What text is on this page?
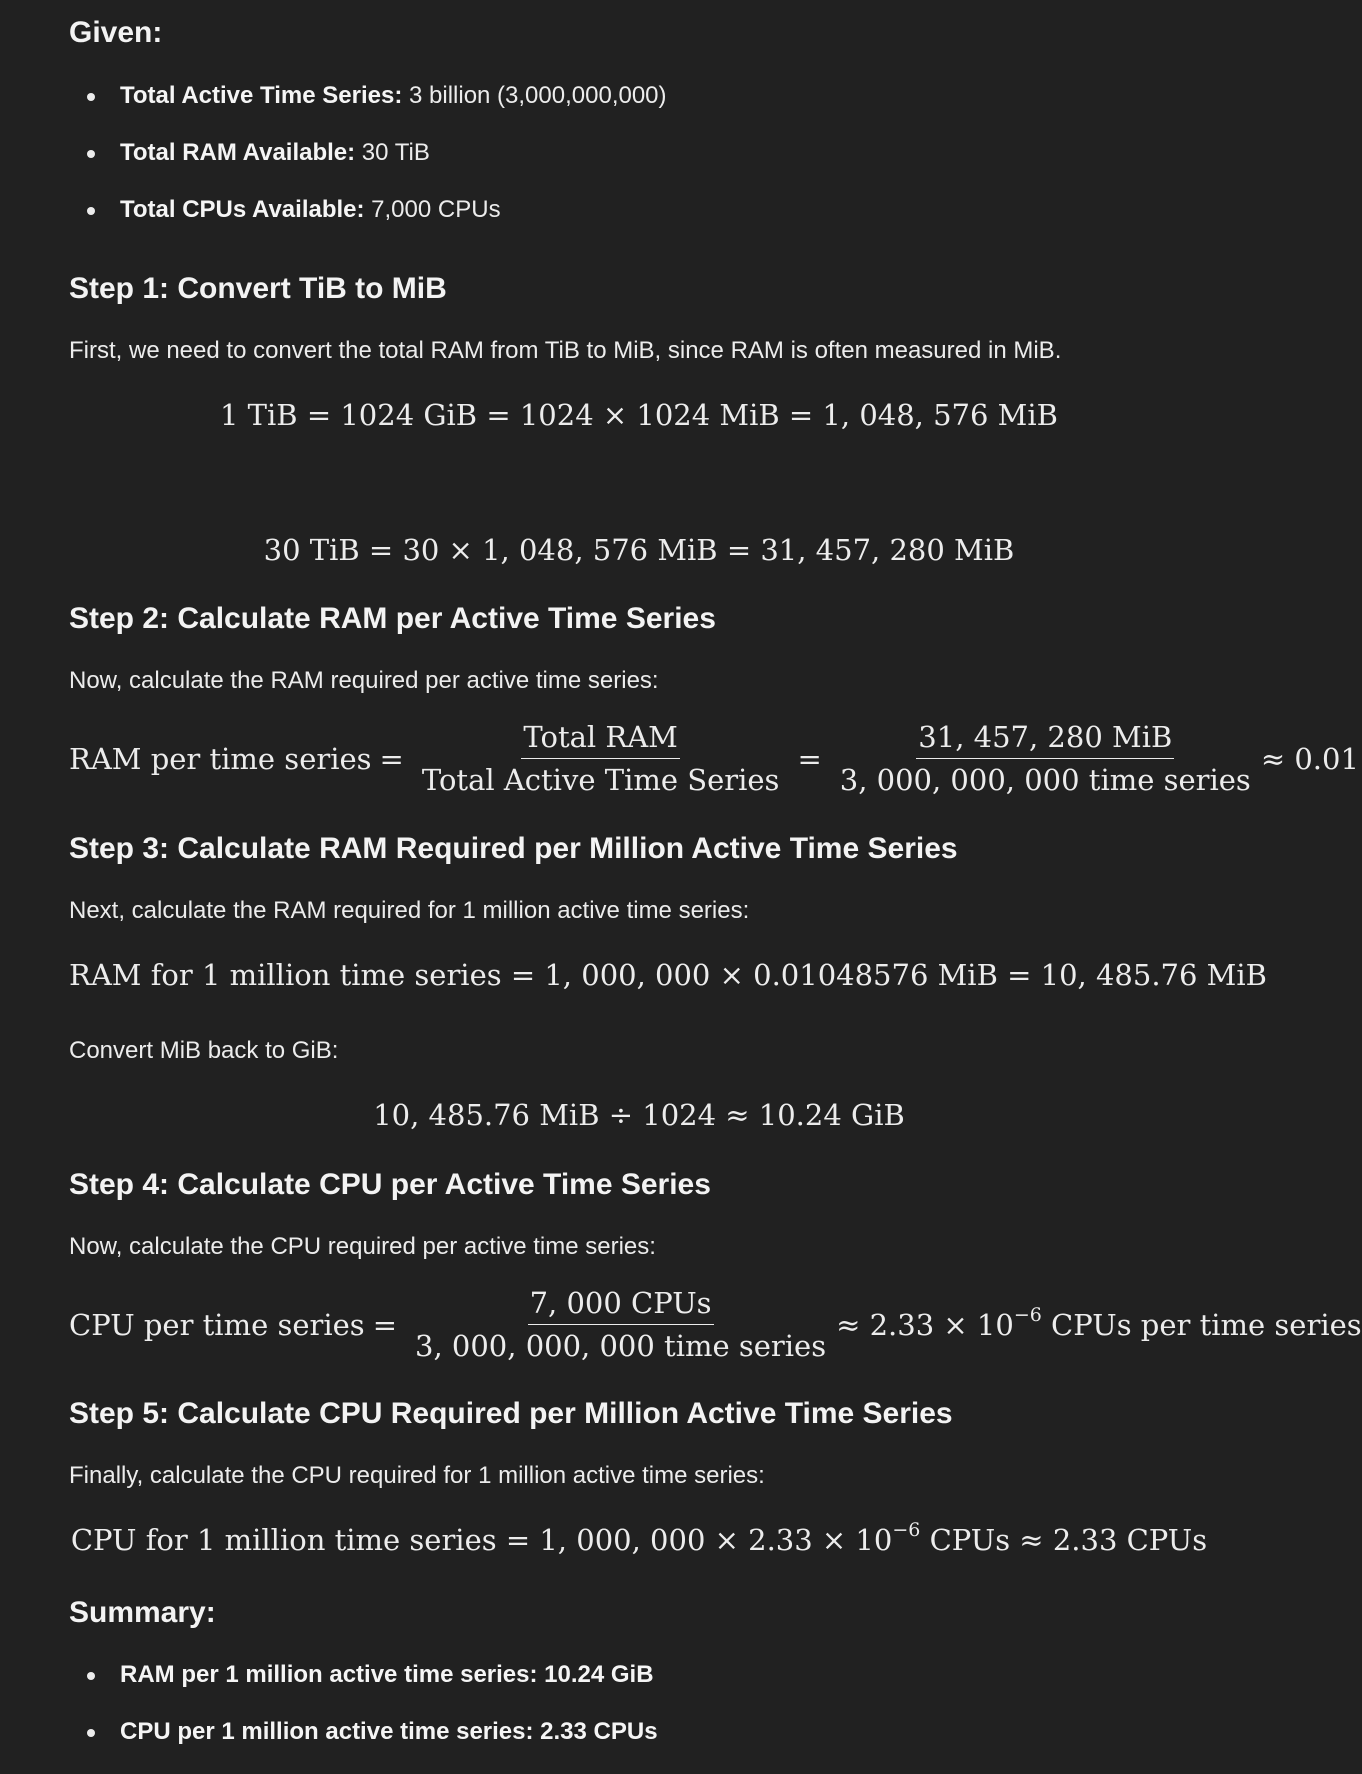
Given:
Total Active Time Series: 3 billion (3,000,000,000)
Total RAM Available: 30 TiB
Total CPUs Available: 7,000 CPUs
Step 1: Convert TiB to MiB

First, we need to convert the total RAM from TiB to MiB, since RAM is often measured in MiB.

1 TiB = 1024 GiB = 1024 × 1024 MiB = 1, 048, 576 MiB
30 TiB = 30 × 1, 048, 576 MiB = 31, 457, 280 MiB
Step 2: Calculate RAM per Active Time Series

Now, calculate the RAM required per active time series:

RAM per time series = $\frac{\text{Total RAM}}{\text{Total Active Time Series}} = \frac{\text{31, 457, 280 MiB}}{\text{3, 000, 000, 000 time series}} \approx 0.01$
Step 3: Calculate RAM Required per Million Active Time Series

Next, calculate the RAM required for 1 million active time series:

RAM for 1 million time series = 1, 000, 000 × 0.01048576 MiB = 10, 485.76 MiB

Convert MiB back to GiB:

10, 485.76 MiB ÷ 1024 ≈ 10.24 GiB
Step 4: Calculate CPU per Active Time Series

Now, calculate the CPU required per active time series:

CPU per time series = $\frac{\text{7, 000 CPUs}}{\text{3, 000, 000, 000 time series}} \approx 2.33 \times 10^{-6}$ CPUs per time series
Step 5: Calculate CPU Required per Million Active Time Series

Finally, calculate the CPU required for 1 million active time series:

CPU for 1 million time series = 1, 000, $000 \times 2.33 \times 10^{-6}$ CPUs ≈ 2.33 CPUs
Summary:
RAM per 1 million active time series: 10.24 GiB
CPU per 1 million active time series: 2.33 CPUs
